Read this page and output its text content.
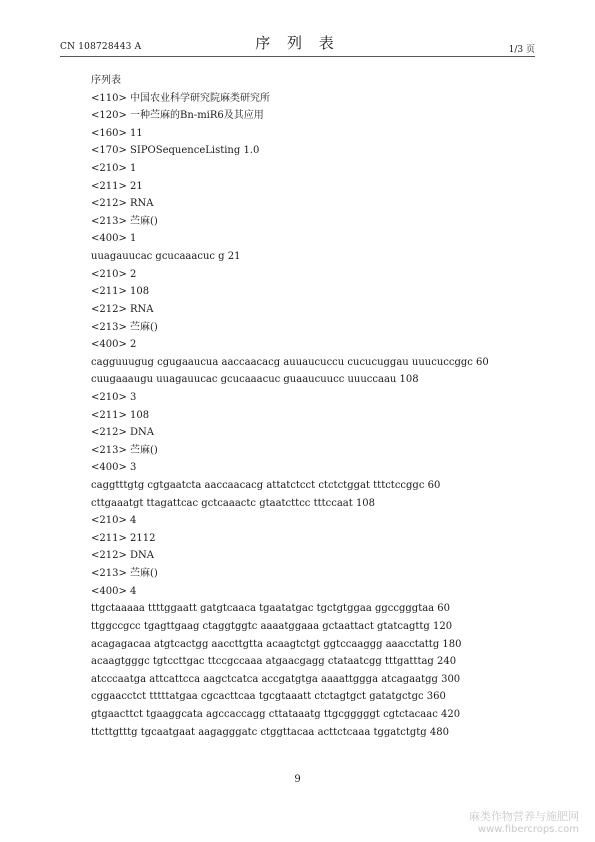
CN 108728443 A	序 列 表	1/3 页
序列表
<110> 中国农业科学研究院麻类研究所
<120> 一种苎麻的Bn-miR6及其应用
<160> 11
<170> SIPOSequenceListing 1.0
<210> 1
<211> 21
<212> RNA
<213> 苎麻()
<400> 1
uuagauucac gcucaaacuc g 21
<210> 2
<211> 108
<212> RNA
<213> 苎麻()
<400> 2
cagguuugug cgugaaucua aaccaacacg auuaucuccu cucucuggau uuucuccggc 60
cuugaaaugu uuagauucac gcucaaacuc guaaucuucc uuuccaau 108
<210> 3
<211> 108
<212> DNA
<213> 苎麻()
<400> 3
caggtttgtg cgtgaatcta aaccaacacg attatctcct ctctctggat tttctccggc 60
cttgaaatgt ttagattcac gctcaaactc gtaatcttcc tttccaat 108
<210> 4
<211> 2112
<212> DNA
<213> 苎麻()
<400> 4
ttgctaaaaa ttttggaatt gatgtcaaca tgaatatgac tgctgtggaa ggccgggtaa 60
ttggccgcc tgagttgaag ctaggtggtc aaaatggaaa gctaattact gtatcagttg 120
acagagacaa atgtcactgg aaccttgtta acaagtctgt ggtccaaggg aaacctattg 180
acaagtgggc tgtccttgac ttccgccaaa atgaacgagg ctataatcgg tttgatttag 240
atcccaatga attcattcca aagctcatca accgatgtga aaaattggga atcagaatgg 300
cggaacctct tttttatgaa cgcacttcaa tgcgtaaatt ctctagtgct gatatgctgc 360
gtgaacttct tgaaggcata agccaccagg cttataaatg ttgcgggggt cgtctacaac 420
ttcttgtttg tgcaatgaat aagagggatc ctggttacaa acttctcaaa tggatctgtg 480
9
麻类作物营养与施肥网
www.fibercrops.com
